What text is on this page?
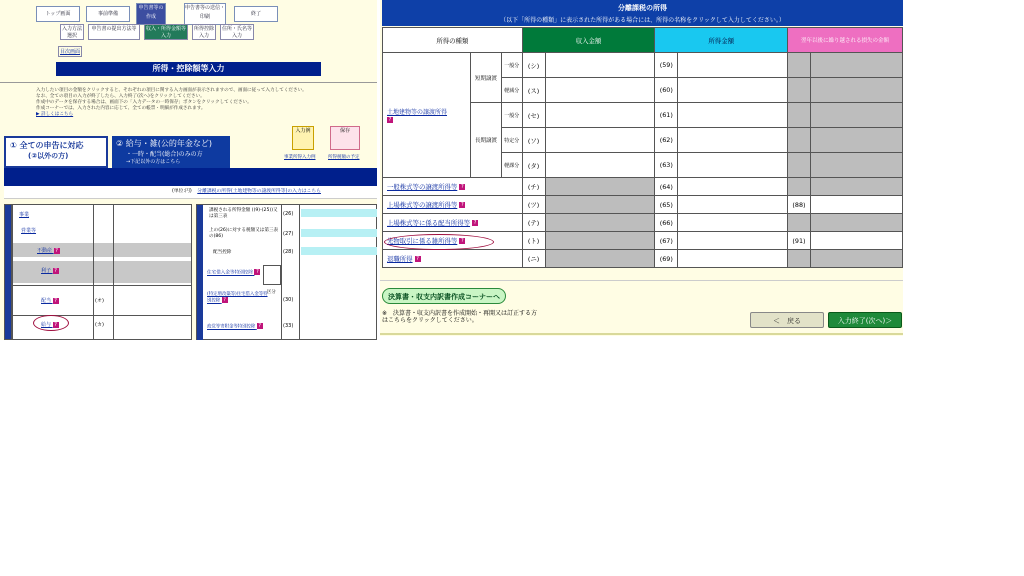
トップ画面	事前準備
申告書等の作成
申告書等の送信・印刷	終了
入力方法選択
申告書の提出方法等	収入・所得金額等入力
所得控除入力
住所・氏名等入力
目次画面
所得・控除額等入力
入力したい項目の金額をクリックすると、それぞれの項目に関する入力画面が表示されますので、画面に従って入力してください。
なお、全ての項目の入力が終了したら、入力終了(次へ)をクリックしてください。
作成中のデータを保存する場合は、画面下の「入力データの一時保存」ボタンをクリックしてください。
作成コーナーでは、入力された内容に応じて、全ての帳票・明細が作成されます。
▶ 詳しくはこちら
① 全ての申告に対応
(②以外の方)
② 給与・雑(公的年金など)
・一時・配当(総合)のみの方
→下記以外の方はこちら
入力例
事業所得入力例
保存
所得税額の予定
(単位:円) 分離課税の所得(土地建物等の譲渡所得等)の入力はこちら
事業
営業等
不動産 ?
利子 ?
配当 ?	(オ)
給与 ?	(カ)
課税される所得金額 ((9)-(25))又は第三表	(26)
上の(26)に対する税額又は第三表の(86)	(27)
配当控除	(28)
住宅借入金等特別控除 ?
(特定増改築等)住宅借入金等特別控除 ?
区分
(30)
政党等寄附金等特別控除 ?	(33)
分離課税の所得
（以下「所得の種類」に表示された所得がある場合には、所得の名称をクリックして入力してください。）
所得の種類			収入金額		所得金額		翌年以後に繰り越される損失の金額	
土地建物等の譲渡所得
?	短期譲渡	一般分	(シ)		(59)			
		軽減分	(ス)		(60)			
	長期譲渡	一般分	(セ)		(61)			
		特定分	(ソ)		(62)			
		軽課分	(タ)		(63)			
一般株式等の譲渡所得等 ?			(チ)		(64)			
上場株式等の譲渡所得等 ?			(ツ)		(65)		(88)	
上場株式等に係る配当所得等 ?			(テ)		(66)			
先物取引に係る雑所得等 ?			(ト)		(67)		(91)	
退職所得 ?			(ニ)		(69)			
決算書・収支内訳書作成コーナーへ
※　決算書・収支内訳書を作成開始・再開又は訂正する方はこちらをクリックしてください。	＜　戻る	入力終了(次へ)＞
